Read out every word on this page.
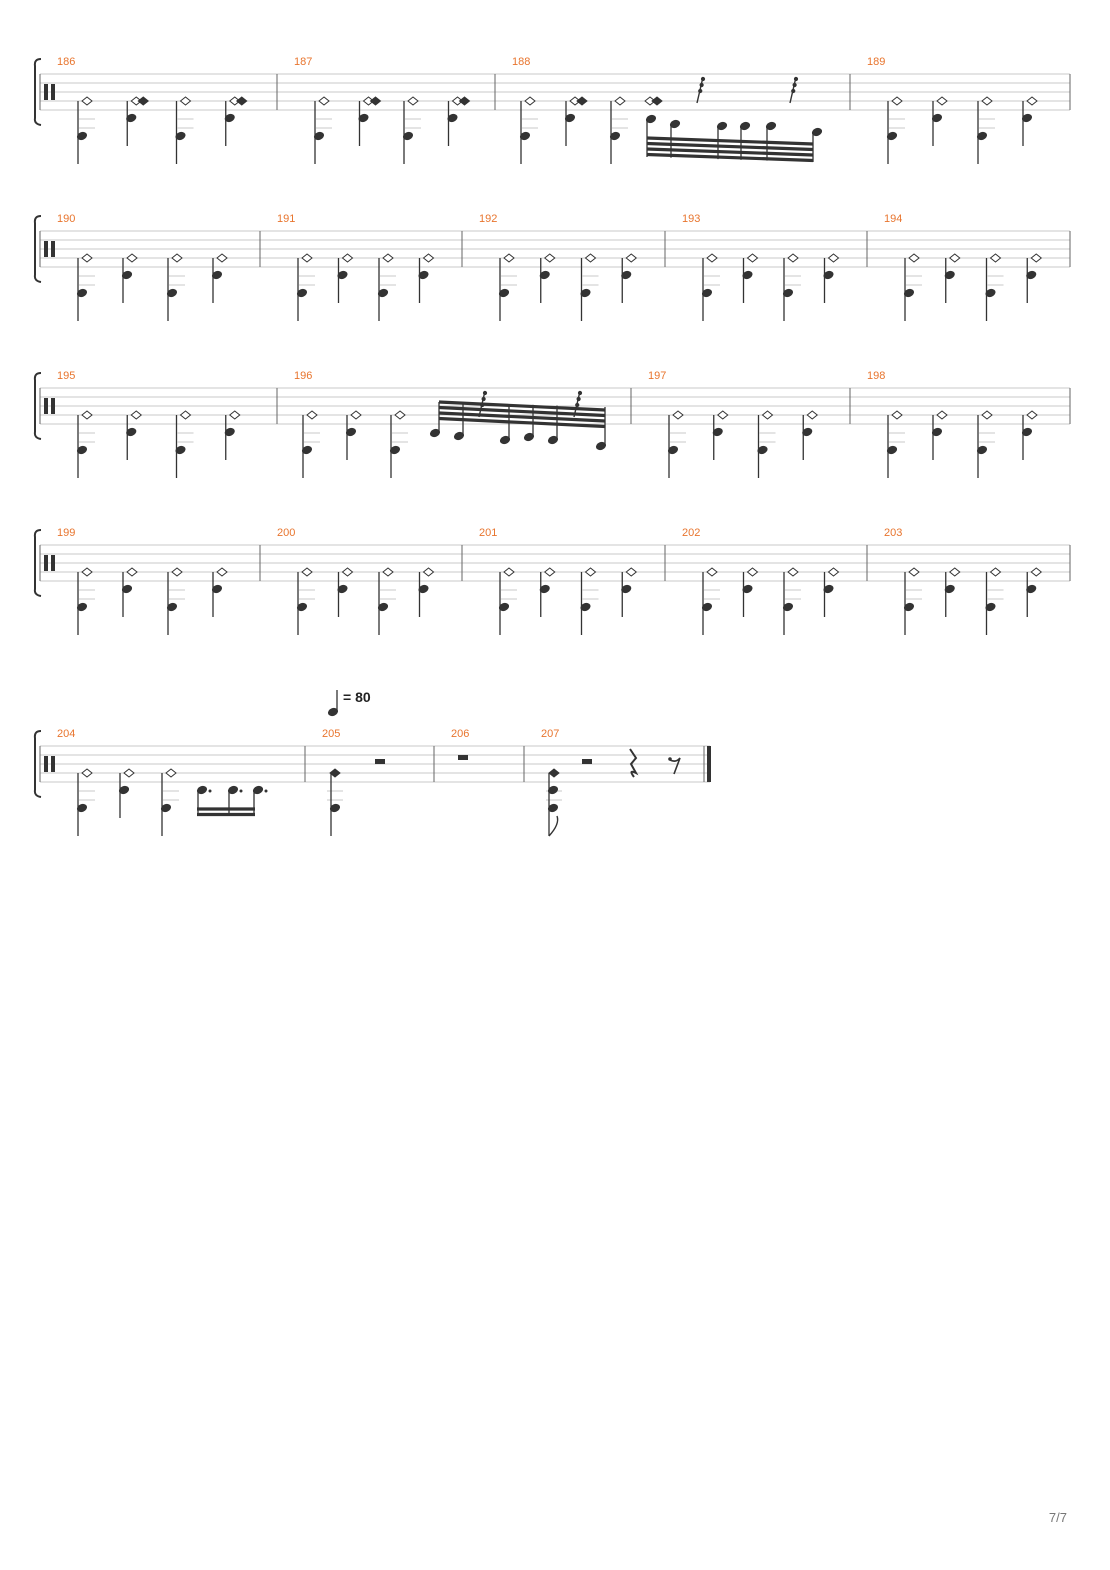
186	187	188	189
190	191	192	193	194
195	196	197	198
199	200	201	202	203
204	205	206	207
= 80
7/7
